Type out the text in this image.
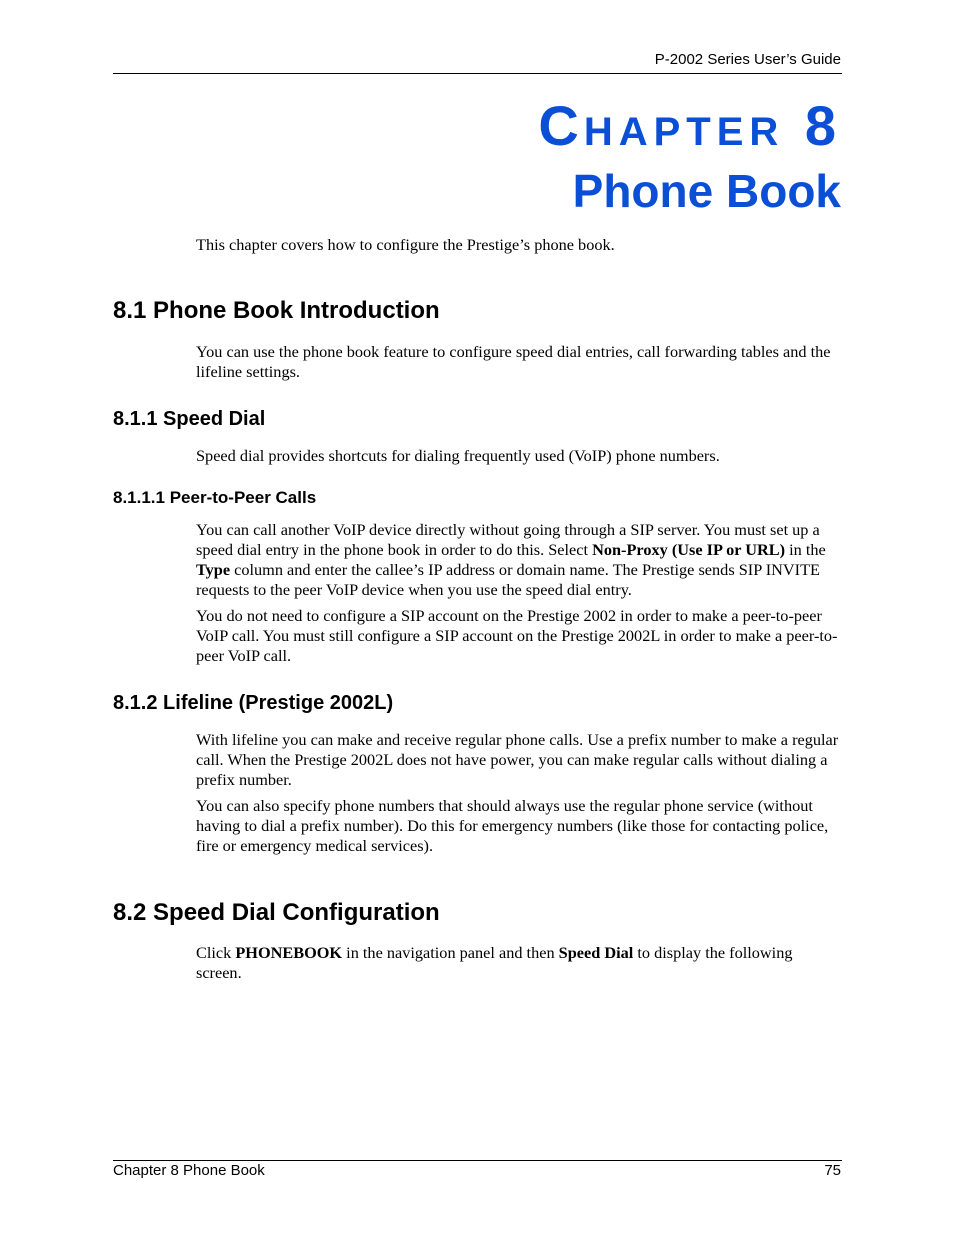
P-2002 Series User’s Guide
CHAPTER 8
Phone Book

This chapter covers how to configure the Prestige’s phone book.

8.1 Phone Book Introduction

You can use the phone book feature to configure speed dial entries, call forwarding tables and the lifeline settings.

8.1.1 Speed Dial

Speed dial provides shortcuts for dialing frequently used (VoIP) phone numbers.

8.1.1.1 Peer-to-Peer Calls

You can call another VoIP device directly without going through a SIP server. You must set up a speed dial entry in the phone book in order to do this. Select Non-Proxy (Use IP or URL) in the Type column and enter the callee’s IP address or domain name. The Prestige sends SIP INVITE requests to the peer VoIP device when you use the speed dial entry.

You do not need to configure a SIP account on the Prestige 2002 in order to make a peer-to-peer VoIP call. You must still configure a SIP account on the Prestige 2002L in order to make a peer-to-peer VoIP call.

8.1.2 Lifeline (Prestige 2002L)

With lifeline you can make and receive regular phone calls. Use a prefix number to make a regular call. When the Prestige 2002L does not have power, you can make regular calls without dialing a prefix number.

You can also specify phone numbers that should always use the regular phone service (without having to dial a prefix number). Do this for emergency numbers (like those for contacting police, fire or emergency medical services).

8.2 Speed Dial Configuration

Click PHONEBOOK in the navigation panel and then Speed Dial to display the following screen.

Chapter 8 Phone Book	75
